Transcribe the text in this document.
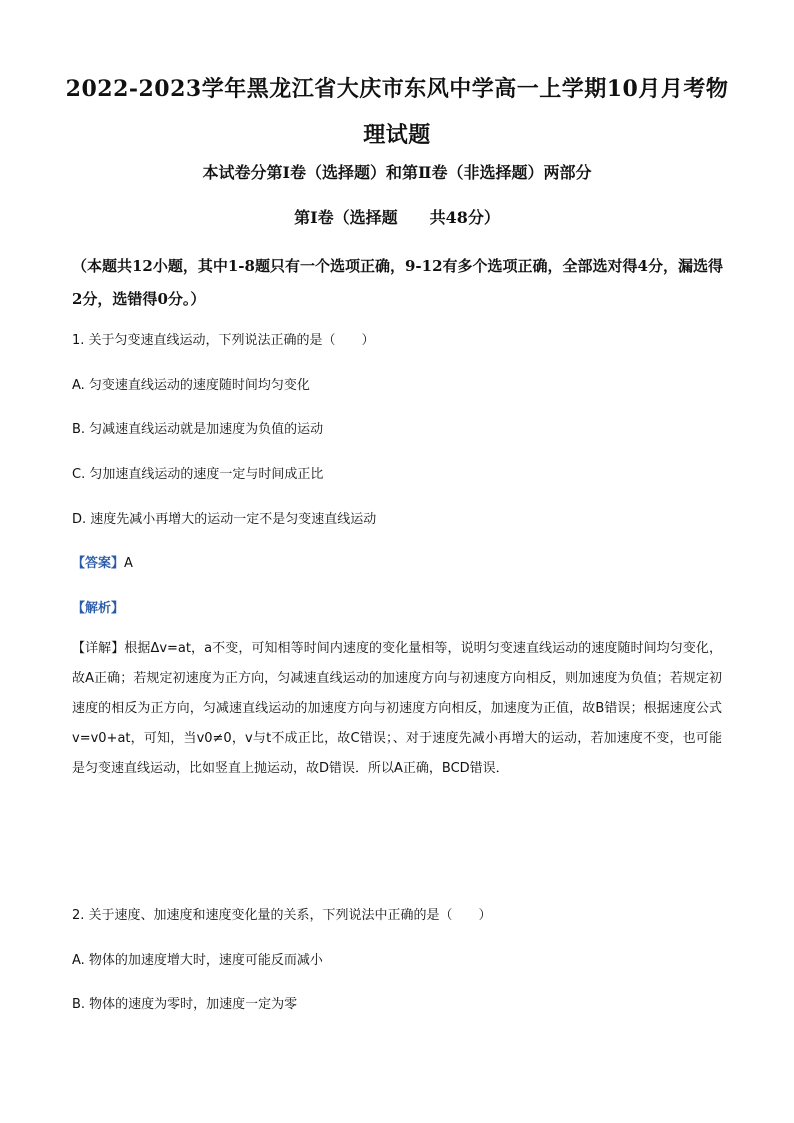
2022-2023学年黑龙江省大庆市东风中学高一上学期10月月考物理试题
本试卷分第Ⅰ卷（选择题）和第Ⅱ卷（非选择题）两部分
第Ⅰ卷（选择题　　共48分）
（本题共12小题，其中1-8题只有一个选项正确，9-12有多个选项正确，全部选对得4分，漏选得2分，选错得0分。）
1. 关于匀变速直线运动，下列说法正确的是（　　）
A. 匀变速直线运动的速度随时间均匀变化
B. 匀减速直线运动就是加速度为负值的运动
C. 匀加速直线运动的速度一定与时间成正比
D. 速度先减小再增大的运动一定不是匀变速直线运动
【答案】A
【解析】
【详解】根据Δv=at，a不变，可知相等时间内速度的变化量相等，说明匀变速直线运动的速度随时间均匀变化，故A正确；若规定初速度为正方向，匀减速直线运动的加速度方向与初速度方向相反，则加速度为负值；若规定初速度的相反为正方向，匀减速直线运动的加速度方向与初速度方向相反，加速度为正值，故B错误；根据速度公式v=v0+at，可知，当v0≠0，v与t不成正比，故C错误；、对于速度先减小再增大的运动，若加速度不变，也可能是匀变速直线运动，比如竖直上抛运动，故D错误．所以A正确，BCD错误．
2. 关于速度、加速度和速度变化量的关系，下列说法中正确的是（　　）
A. 物体的加速度增大时，速度可能反而减小
B. 物体的速度为零时，加速度一定为零
